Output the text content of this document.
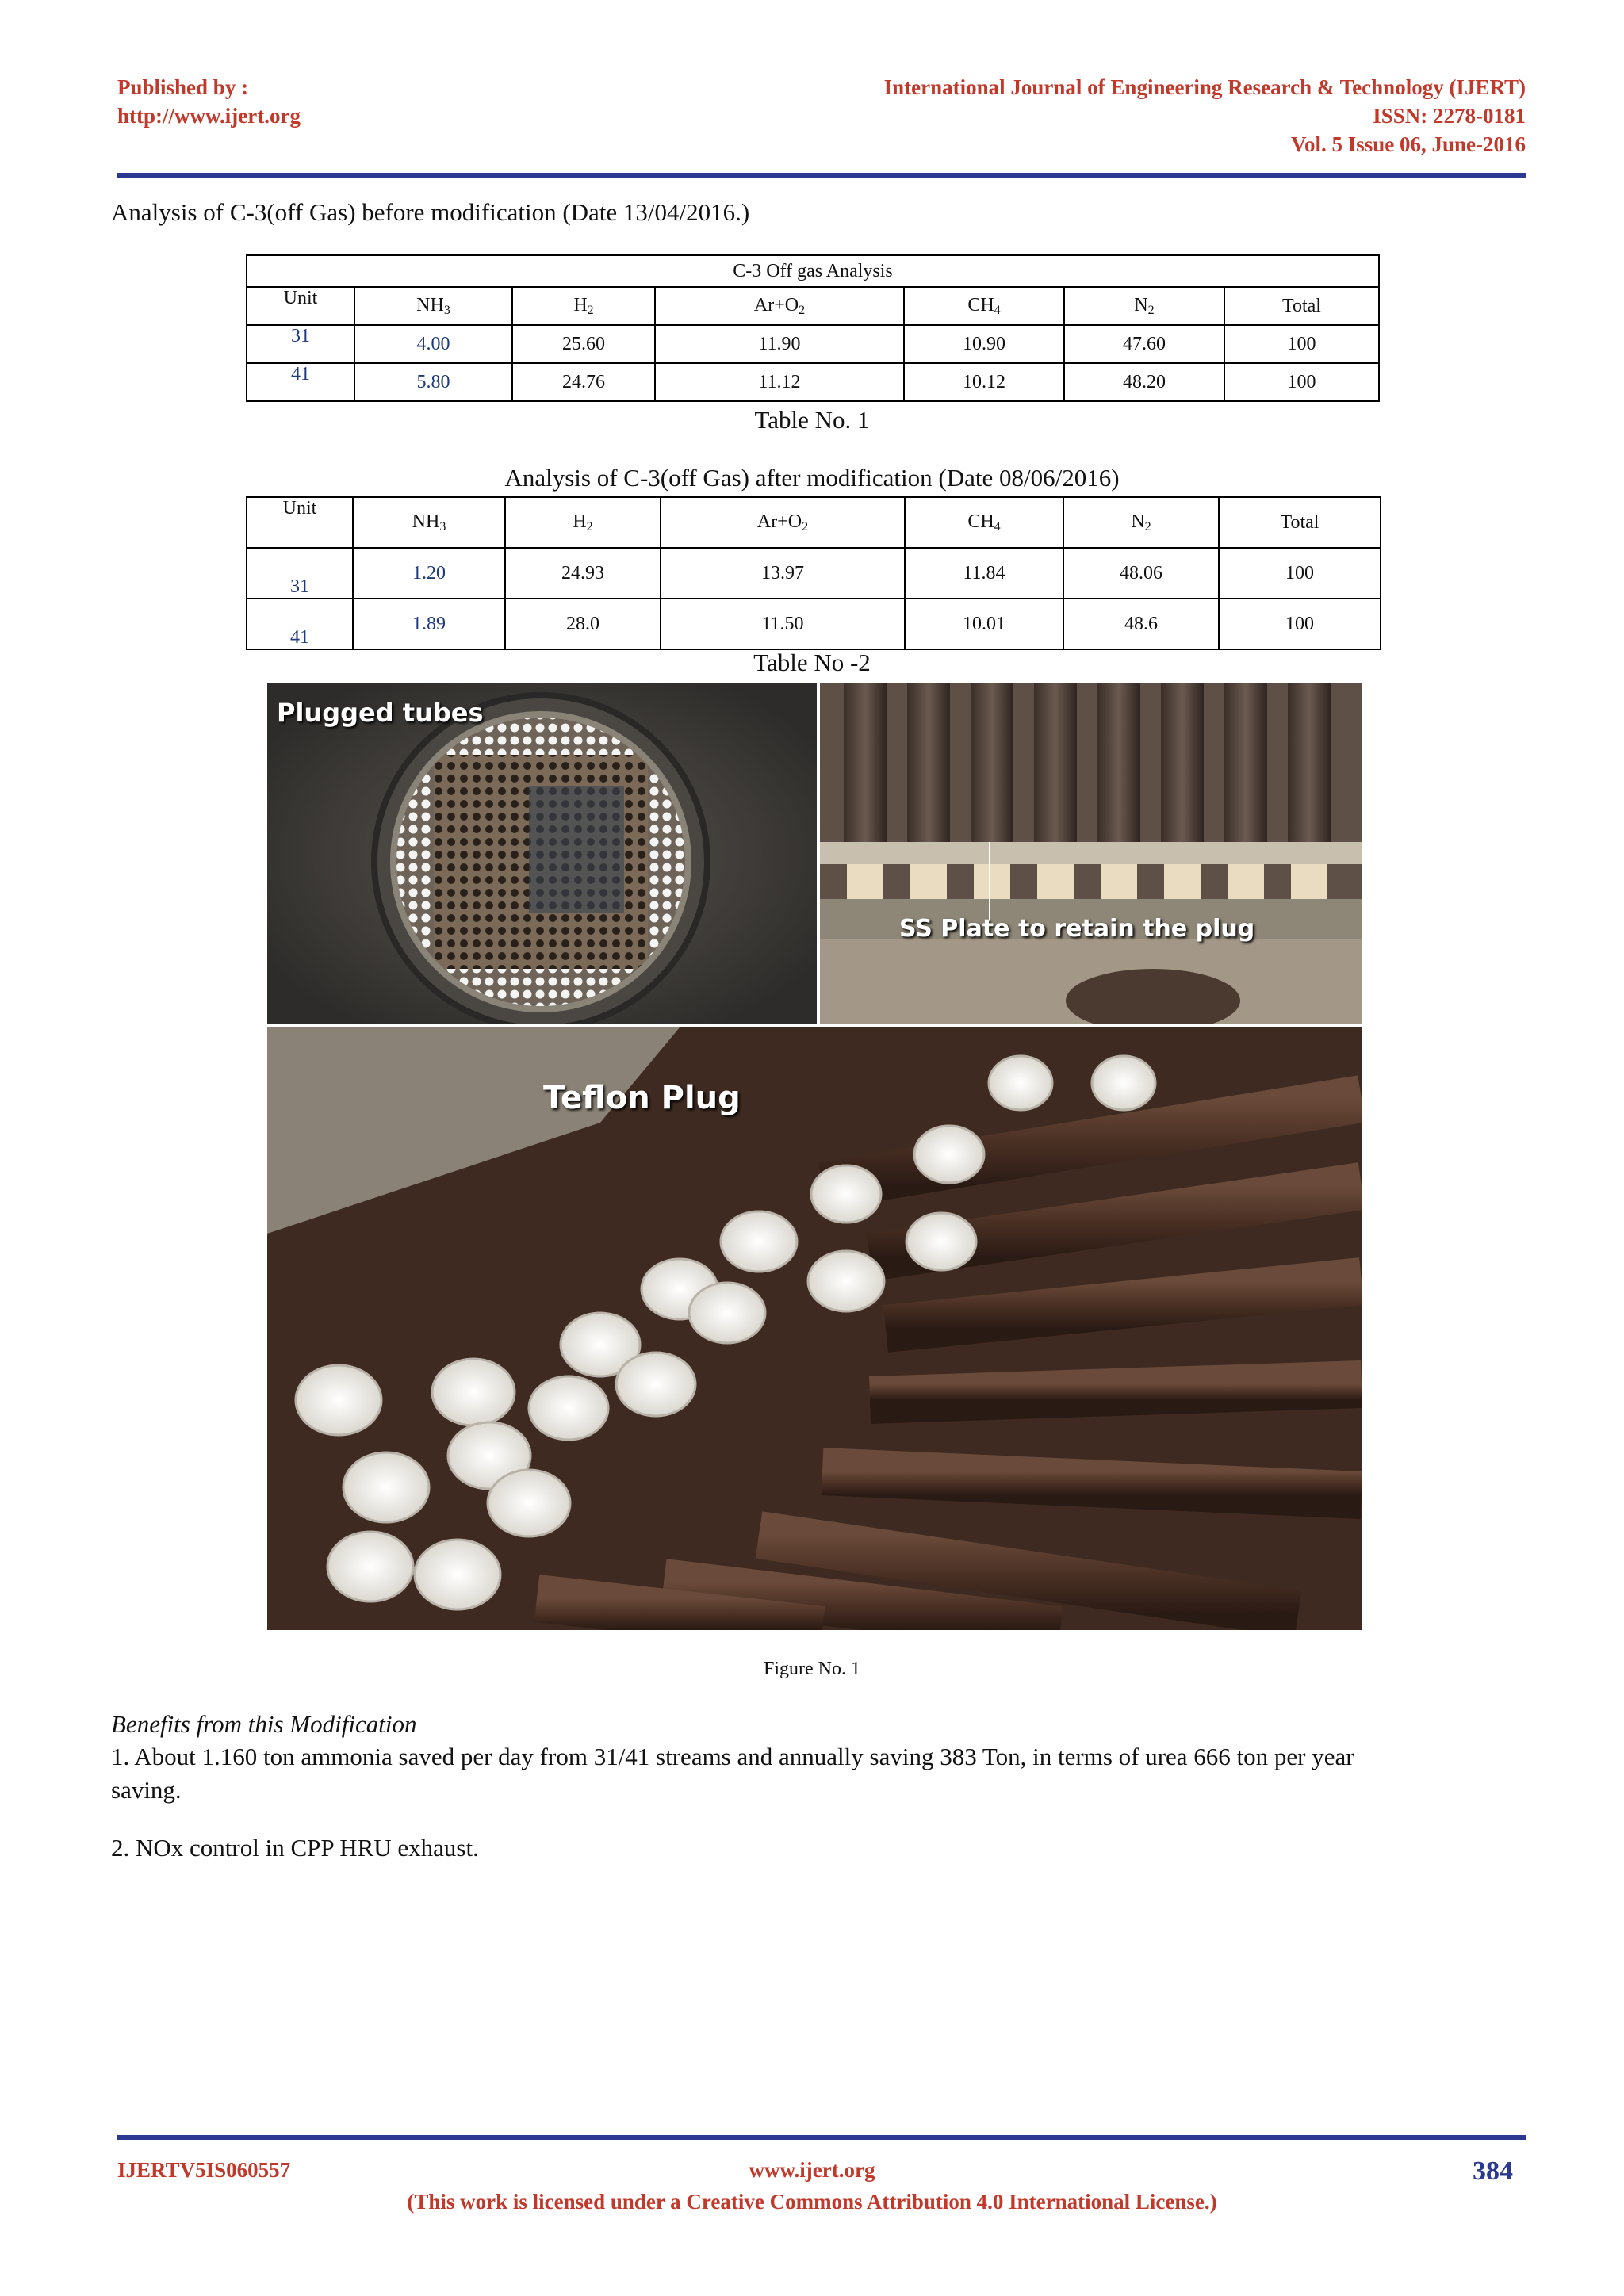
Published by :
http://www.ijert.org
International Journal of Engineering Research & Technology (IJERT)
ISSN: 2278-0181
Vol. 5 Issue 06, June-2016
Analysis of C-3(off Gas) before modification (Date 13/04/2016.)
C-3 Off gas Analysis						
Unit	$NH_3$	$H_2$	$Ar+O_2$	$CH_4$	$N_2$	Total
31	4.00	25.60	11.90	10.90	47.60	100
41	5.80	24.76	11.12	10.12	48.20	100
Table No. 1
Analysis of C-3(off Gas) after modification (Date 08/06/2016)
Unit	$NH_3$	$H_2$	$Ar+O_2$	$CH_4$	$N_2$	Total
31	1.20	24.93	13.97	11.84	48.06	100
41	1.89	28.0	11.50	10.01	48.6	100
Table No -2
Plugged tubes
SS Plate to retain the plug
Teflon Plug
Figure No. 1
Benefits from this Modification
1. About 1.160 ton ammonia saved per day from 31/41 streams and annually saving 383 Ton, in terms of urea 666 ton per year
saving.
2. NOx control in CPP HRU exhaust.
IJERTV5IS060557	www.ijert.org
(This work is licensed under a Creative Commons Attribution 4.0 International License.)
384
